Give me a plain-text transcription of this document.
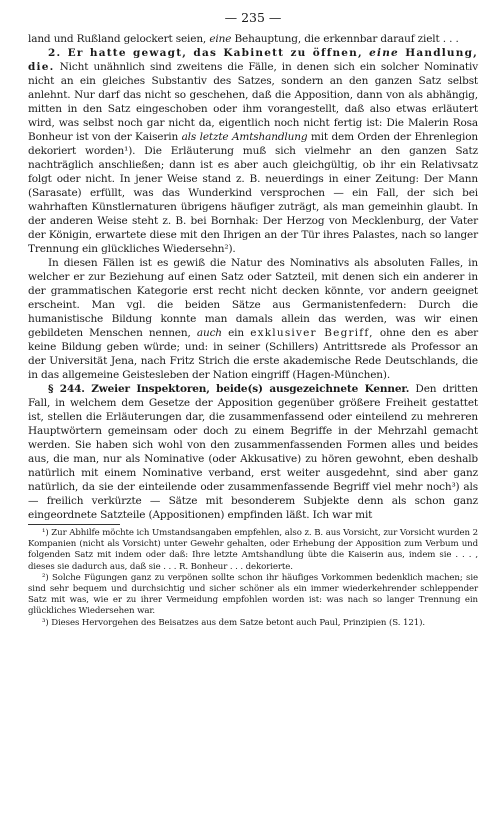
— 235 —

land und Rußland gelockert seien, eine Behauptung, die erkennbar darauf zielt . . .

2. Er hatte gewagt, das Kabinett zu öffnen, eine Handlung, die. Nicht unähnlich sind zweitens die Fälle, in denen sich ein solcher Nominativ nicht an ein gleiches Substantiv des Satzes, sondern an den ganzen Satz selbst anlehnt. Nur darf das nicht so geschehen, daß die Apposition, dann von als abhängig, mitten in den Satz eingeschoben oder ihm vorangestellt, daß also etwas erläutert wird, was selbst noch gar nicht da, eigentlich noch nicht fertig ist: Die Malerin Rosa Bonheur ist von der Kaiserin als letzte Amtshandlung mit dem Orden der Ehrenlegion dekoriert worden¹). Die Erläuterung muß sich vielmehr an den ganzen Satz nachträglich anschließen; dann ist es aber auch gleichgültig, ob ihr ein Relativsatz folgt oder nicht. In jener Weise stand z. B. neuerdings in einer Zeitung: Der Mann (Sarasate) erfüllt, was das Wunderkind versprochen — ein Fall, der sich bei wahrhaften Künstlernaturen übrigens häufiger zuträgt, als man gemeinhin glaubt. In der anderen Weise steht z. B. bei Bornhak: Der Herzog von Mecklenburg, der Vater der Königin, erwartete diese mit den Ihrigen an der Tür ihres Palastes, nach so langer Trennung ein glückliches Wiedersehn²).

In diesen Fällen ist es gewiß die Natur des Nominativs als absoluten Falles, in welcher er zur Beziehung auf einen Satz oder Satzteil, mit denen sich ein anderer in der grammatischen Kategorie erst recht nicht decken könnte, vor andern geeignet erscheint. Man vgl. die beiden Sätze aus Germanistenfedern: Durch die humanistische Bildung konnte man damals allein das werden, was wir einen gebildeten Menschen nennen, auch ein exklusiver Begriff, ohne den es aber keine Bildung geben würde; und: in seiner (Schillers) Antrittsrede als Professor an der Universität Jena, nach Fritz Strich die erste akademische Rede Deutschlands, die in das allgemeine Geistesleben der Nation eingriff (Hagen-München).

§ 244. Zweier Inspektoren, beide(s) ausgezeichnete Kenner. Den dritten Fall, in welchem dem Gesetze der Apposition gegenüber größere Freiheit gestattet ist, stellen die Erläuterungen dar, die zusammenfassend oder einteilend zu mehreren Hauptwörtern gemeinsam oder doch zu einem Begriffe in der Mehrzahl gemacht werden. Sie haben sich wohl von den zusammenfassenden Formen alles und beides aus, die man, nur als Nominative (oder Akkusative) zu hören gewohnt, eben deshalb natürlich mit einem Nominative verband, erst weiter ausgedehnt, sind aber ganz natürlich, da sie der einteilende oder zusammenfassende Begriff viel mehr noch³) als — freilich verkürzte — Sätze mit besonderem Subjekte denn als schon ganz eingeordnete Satzteile (Appositionen) empfinden läßt. Ich war mit

¹) Zur Abhilfe möchte ich Umstandsangaben empfehlen, also z. B. aus Vorsicht, zur Vorsicht wurden 2 Kompanien (nicht als Vorsicht) unter Gewehr gehalten, oder Erhebung der Apposition zum Verbum und folgenden Satz mit indem oder daß: Ihre letzte Amtshandlung übte die Kaiserin aus, indem sie . . . , dieses sie dadurch aus, daß sie . . . R. Bonheur . . . dekorierte.

²) Solche Fügungen ganz zu verpönen sollte schon ihr häufiges Vorkommen bedenklich machen; sie sind sehr bequem und durchsichtig und sicher schöner als ein immer wiederkehrender schleppender Satz mit was, wie er zu ihrer Vermeidung empfohlen worden ist: was nach so langer Trennung ein glückliches Wiedersehen war.

³) Dieses Hervorgehen des Beisatzes aus dem Satze betont auch Paul, Prinzipien (S. 121).
